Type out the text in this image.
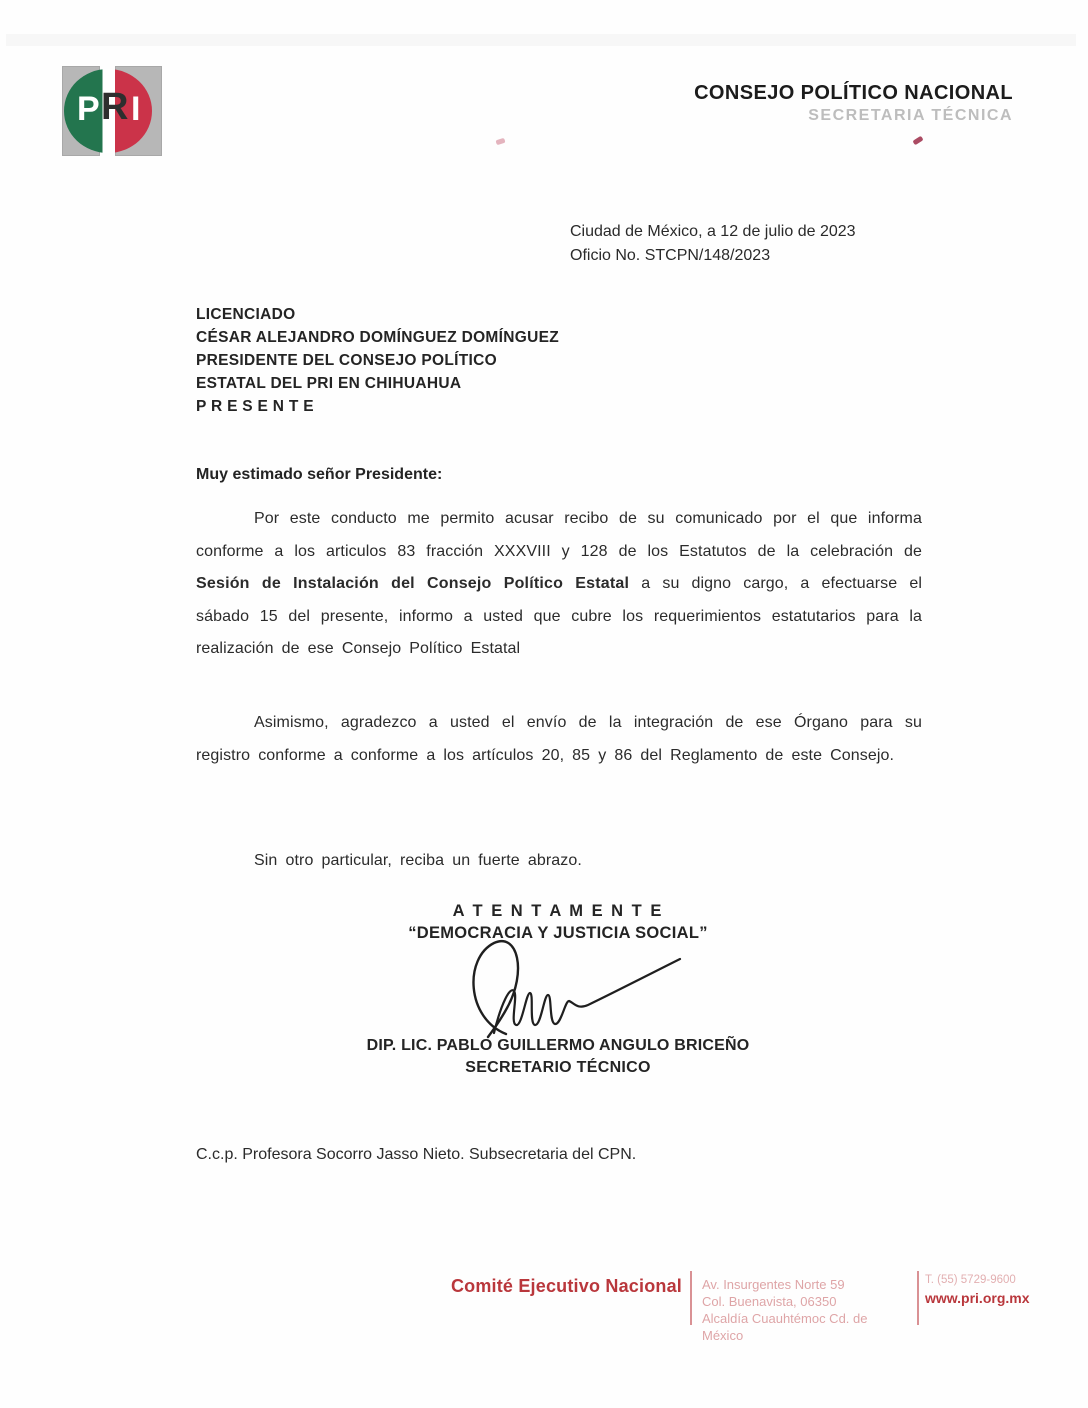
P R I	CONSEJO POLÍTICO NACIONAL
SECRETARIA TÉCNICA
Ciudad de México, a 12 de julio de 2023
Oficio No. STCPN/148/2023
LICENCIADO
CÉSAR ALEJANDRO DOMÍNGUEZ DOMÍNGUEZ
PRESIDENTE DEL CONSEJO POLÍTICO
ESTATAL DEL PRI EN CHIHUAHUA
P R E S E N T E
Muy estimado señor Presidente:
Por este conducto me permito acusar recibo de su comunicado por el que informa conforme a los articulos 83 fracción XXXVIII y 128 de los Estatutos de la celebración de Sesión de Instalación del Consejo Político Estatal a su digno cargo, a efectuarse el sábado 15 del presente, informo a usted que cubre los requerimientos estatutarios para la realización de ese Consejo Político Estatal
Asimismo, agradezco a usted el envío de la integración de ese Órgano para su registro conforme a conforme a los artículos 20, 85 y 86 del Reglamento de este Consejo.
Sin otro particular, reciba un fuerte abrazo.
A T E N T A M E N T E
“DEMOCRACIA Y JUSTICIA SOCIAL”
DIP. LIC. PABLO GUILLERMO ANGULO BRICEÑO
SECRETARIO TÉCNICO
C.c.p. Profesora Socorro Jasso Nieto. Subsecretaria del CPN.
Comité Ejecutivo Nacional Av. Insurgentes Norte 59
Col. Buenavista, 06350
Alcaldía Cuauhtémoc Cd. de México
T. (55) 5729-9600
www.pri.org.mx
